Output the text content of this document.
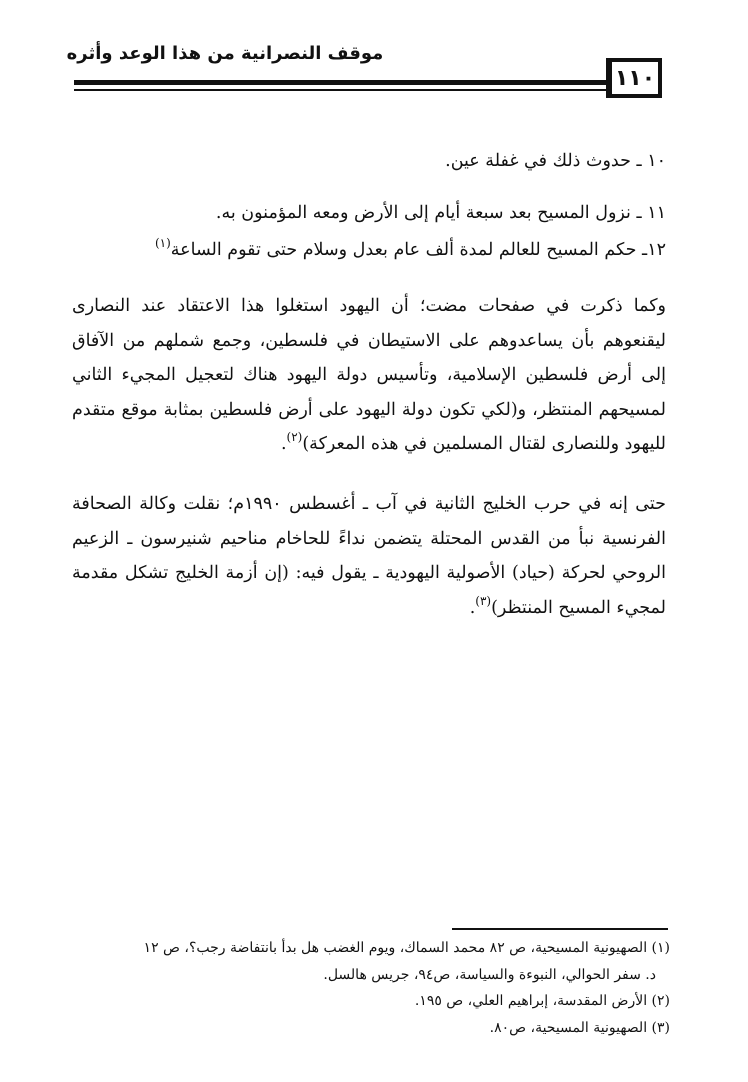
موقف النصرانية من هذا الوعد وأثره
١١٠
١٠ ـ حدوث ذلك في غفلة عين.
١١ ـ نزول المسيح بعد سبعة أيام إلى الأرض ومعه المؤمنون به.
١٢ـ حكم المسيح للعالم لمدة ألف عام بعدل وسلام حتى تقوم الساعة$^{(١)}$
وكما ذكرت في صفحات مضت؛ أن اليهود استغلوا هذا الاعتقاد عند النصارى ليقنعوهم بأن يساعدوهم على الاستيطان في فلسطين، وجمع شملهم من الآفاق إلى أرض فلسطين الإسلامية، وتأسيس دولة اليهود هناك لتعجيل المجيء الثاني لمسيحهم المنتظر، و(لكي تكون دولة اليهود على أرض فلسطين بمثابة موقع متقدم لليهود وللنصارى لقتال المسلمين في هذه المعركة)$^{(٢)}$.
حتى إنه في حرب الخليج الثانية في آب ـ أغسطس ١٩٩٠م؛ نقلت وكالة الصحافة الفرنسية نبأ من القدس المحتلة يتضمن نداءً للحاخام مناحيم شنيرسون ـ الزعيم الروحي لحركة (حياد) الأصولية اليهودية ـ يقول فيه: (إن أزمة الخليج تشكل مقدمة لمجيء المسيح المنتظر)$^{(٣)}$.
(١) الصهيونية المسيحية، ص ٨٢ محمد السماك، ويوم الغضب هل بدأ بانتفاضة رجب؟، ص ١٢
د. سفر الحوالي، النبوءة والسياسة، ص٩٤، جريس هالسل.
(٢) الأرض المقدسة، إبراهيم العلي، ص ١٩٥.
(٣) الصهيونية المسيحية، ص٨٠.
